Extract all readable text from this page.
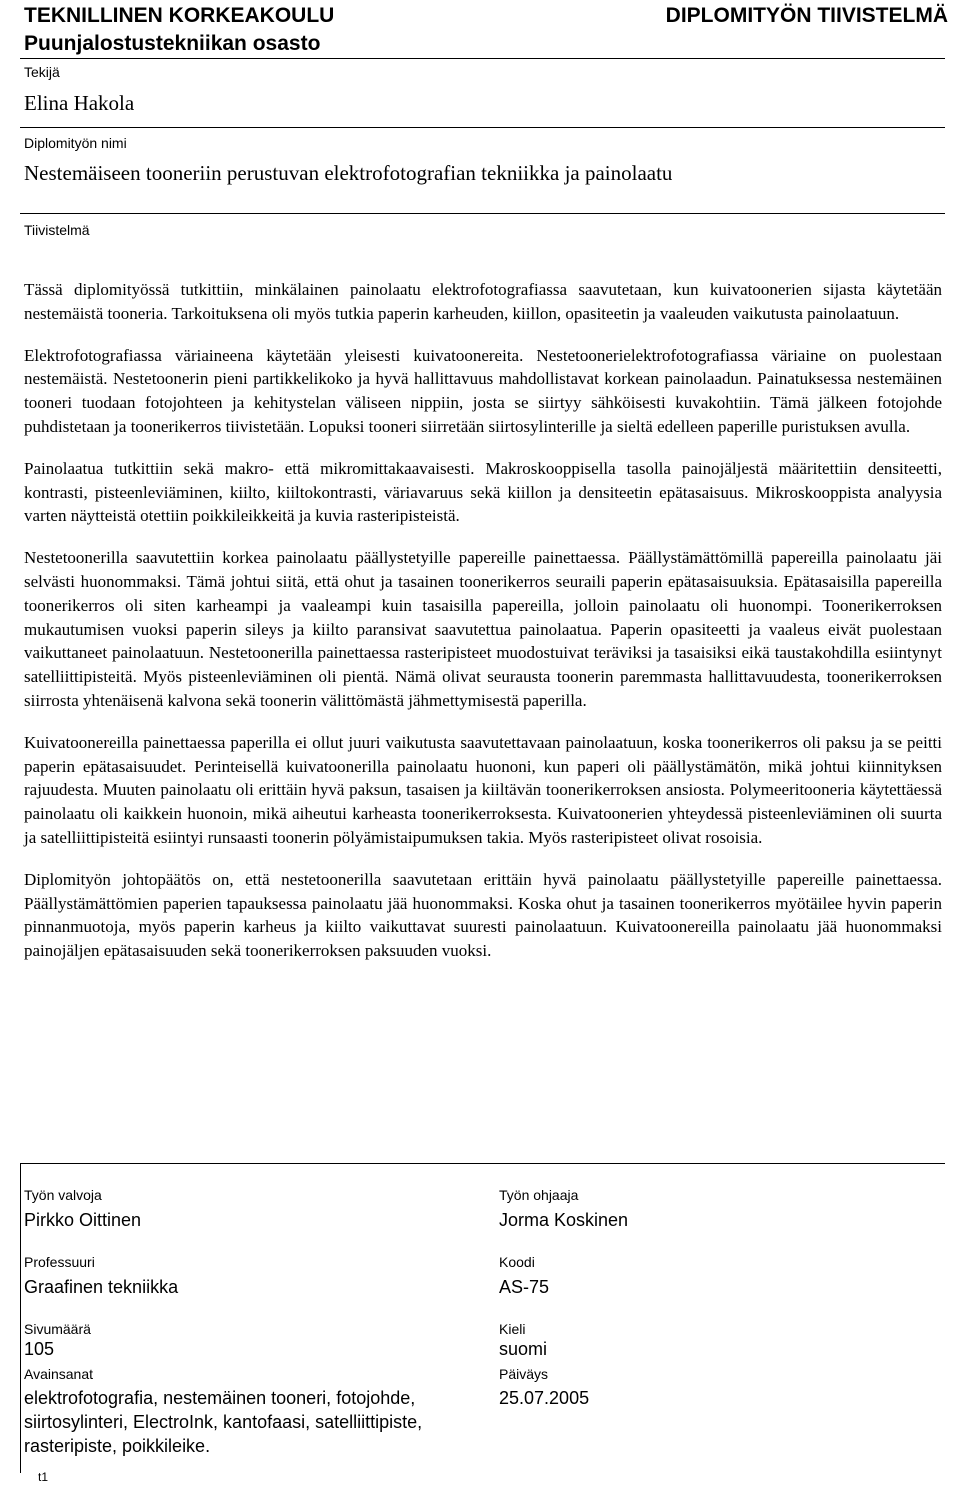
TEKNILLINEN KORKEAKOULU
Puunjalostustekniikan osasto
DIPLOMITYÖN TIIVISTELMÄ
Tekijä
Elina Hakola
Diplomityön nimi
Nestemäiseen tooneriin perustuvan elektrofotografian tekniikka ja painolaatu
Tiivistelmä

Tässä diplomityössä tutkittiin, minkälainen painolaatu elektrofotografiassa saavutetaan, kun kuivatoonerien sijasta käytetään nestemäistä tooneria. Tarkoituksena oli myös tutkia paperin karheuden, kiillon, opasiteetin ja vaaleuden vaikutusta painolaatuun.

Elektrofotografiassa väriaineena käytetään yleisesti kuivatoonereita. Nestetoonerielektrofotografiassa väriaine on puolestaan nestemäistä. Nestetoonerin pieni partikkelikoko ja hyvä hallittavuus mahdollistavat korkean painolaadun. Painatuksessa nestemäinen tooneri tuodaan fotojohteen ja kehitystelan väliseen nippiin, josta se siirtyy sähköisesti kuvakohtiin. Tämä jälkeen fotojohde puhdistetaan ja toonerikerros tiivistetään. Lopuksi tooneri siirretään siirtosylinterille ja sieltä edelleen paperille puristuksen avulla.

Painolaatua tutkittiin sekä makro- että mikromittakaavaisesti. Makroskooppisella tasolla painojäljestä määritettiin densiteetti, kontrasti, pisteenleviäminen, kiilto, kiiltokontrasti, väriavaruus sekä kiillon ja densiteetin epätasaisuus. Mikroskooppista analyysia varten näytteistä otettiin poikkileikkeitä ja kuvia rasteripisteistä.

Nestetoonerilla saavutettiin korkea painolaatu päällystetyille papereille painettaessa. Päällystämättömillä papereilla painolaatu jäi selvästi huonommaksi. Tämä johtui siitä, että ohut ja tasainen toonerikerros seuraili paperin epätasaisuuksia. Epätasaisilla papereilla toonerikerros oli siten karheampi ja vaaleampi kuin tasaisilla papereilla, jolloin painolaatu oli huonompi. Toonerikerroksen mukautumisen vuoksi paperin sileys ja kiilto paransivat saavutettua painolaatua. Paperin opasiteetti ja vaaleus eivät puolestaan vaikuttaneet painolaatuun. Nestetoonerilla painettaessa rasteripisteet muodostuivat teräviksi ja tasaisiksi eikä taustakohdilla esiintynyt satelliittipisteitä. Myös pisteenleviäminen oli pientä. Nämä olivat seurausta toonerin paremmasta hallittavuudesta, toonerikerroksen siirrosta yhtenäisenä kalvona sekä toonerin välittömästä jähmettymisestä paperilla.

Kuivatoonereilla painettaessa paperilla ei ollut juuri vaikutusta saavutettavaan painolaatuun, koska toonerikerros oli paksu ja se peitti paperin epätasaisuudet. Perinteisellä kuivatoonerilla painolaatu huononi, kun paperi oli päällystämätön, mikä johtui kiinnityksen rajuudesta. Muuten painolaatu oli erittäin hyvä paksun, tasaisen ja kiiltävän toonerikerroksen ansiosta. Polymeeritooneria käytettäessä painolaatu oli kaikkein huonoin, mikä aiheutui karheasta toonerikerroksesta. Kuivatoonerien yhteydessä pisteenleviäminen oli suurta ja satelliittipisteitä esiintyi runsaasti toonerin pölyämistaipumuksen takia. Myös rasteripisteet olivat rosoisia.

Diplomityön johtopäätös on, että nestetoonerilla saavutetaan erittäin hyvä painolaatu päällystetyille papereille painettaessa. Päällystämättömien paperien tapauksessa painolaatu jää huonommaksi. Koska ohut ja tasainen toonerikerros myötäilee hyvin paperin pinnanmuotoja, myös paperin karheus ja kiilto vaikuttavat suuresti painolaatuun. Kuivatoonereilla painolaatu jää huonommaksi painojäljen epätasaisuuden sekä toonerikerroksen paksuuden vuoksi.

Työn valvoja
Pirkko Oittinen
Professuuri
Graafinen tekniikka
Sivumäärä
105
Avainsanat
elektrofotografia, nestemäinen tooneri, fotojohde, siirtosylinteri, ElectroInk, kantofaasi, satelliittipiste, rasteripiste, poikkileike.
Työn ohjaaja
Jorma Koskinen
Koodi
AS-75
Kieli
suomi
Päiväys
25.07.2005
t1
